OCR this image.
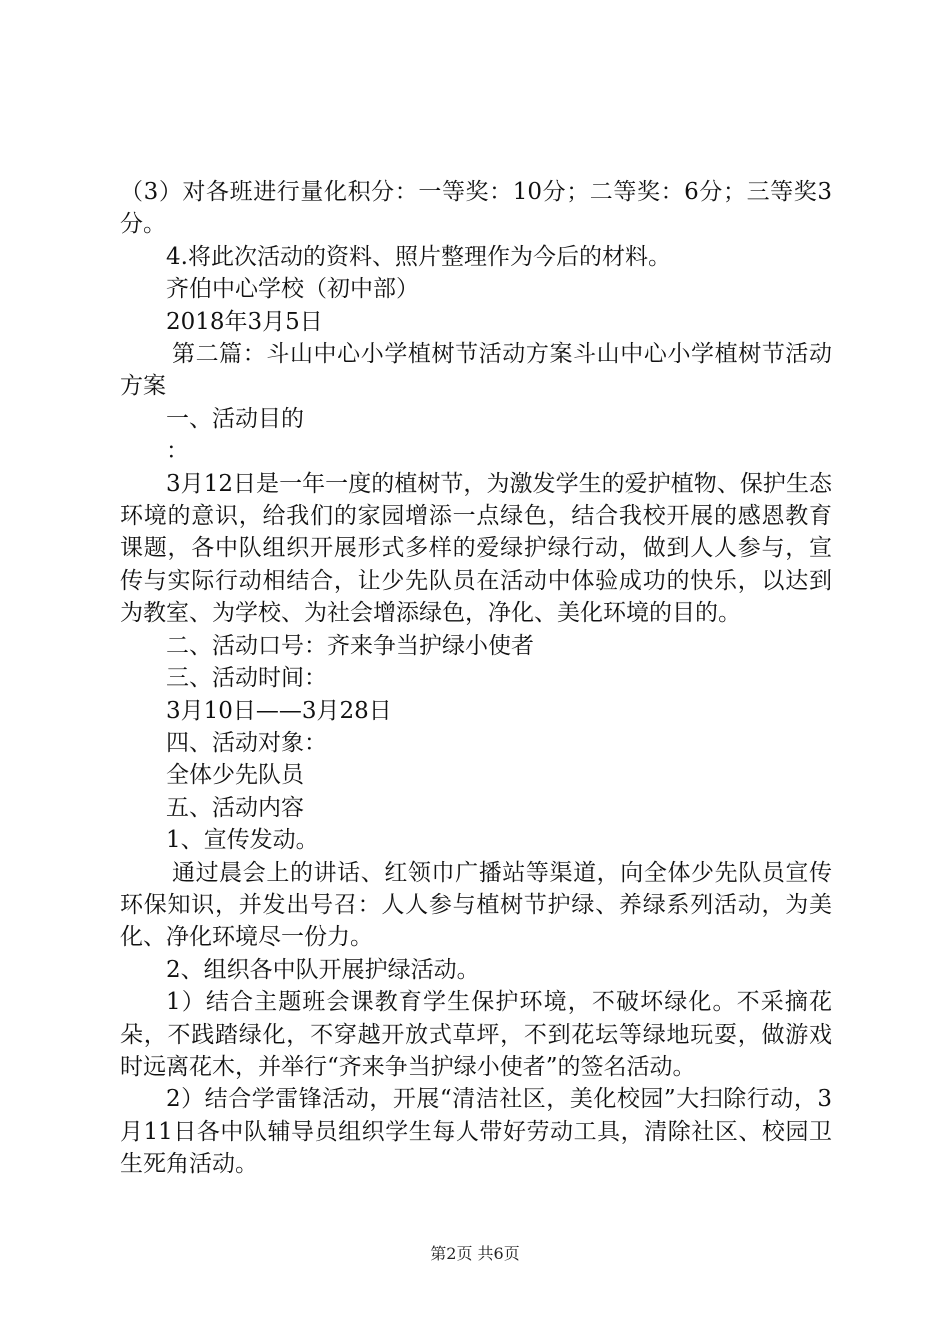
（3）对各班进行量化积分：一等奖：10分；二等奖：6分；三等奖3分。

4.将此次活动的资料、照片整理作为今后的材料。

齐伯中心学校（初中部）

2018年3月5日

第二篇：斗山中心小学植树节活动方案斗山中心小学植树节活动方案

一、活动目的

：

3月12日是一年一度的植树节，为激发学生的爱护植物、保护生态环境的意识，给我们的家园增添一点绿色，结合我校开展的感恩教育课题，各中队组织开展形式多样的爱绿护绿行动，做到人人参与，宣传与实际行动相结合，让少先队员在活动中体验成功的快乐，以达到为教室、为学校、为社会增添绿色，净化、美化环境的目的。

二、活动口号：齐来争当护绿小使者

三、活动时间：

3月10日——3月28日

四、活动对象：

全体少先队员

五、活动内容

1、宣传发动。

通过晨会上的讲话、红领巾广播站等渠道，向全体少先队员宣传环保知识，并发出号召：人人参与植树节护绿、养绿系列活动，为美化、净化环境尽一份力。

2、组织各中队开展护绿活动。

1）结合主题班会课教育学生保护环境，不破坏绿化。不采摘花朵，不践踏绿化，不穿越开放式草坪，不到花坛等绿地玩耍，做游戏时远离花木，并举行“齐来争当护绿小使者”的签名活动。

2）结合学雷锋活动，开展“清洁社区，美化校园”大扫除行动，3月11日各中队辅导员组织学生每人带好劳动工具，清除社区、校园卫生死角活动。

第2页 共6页
